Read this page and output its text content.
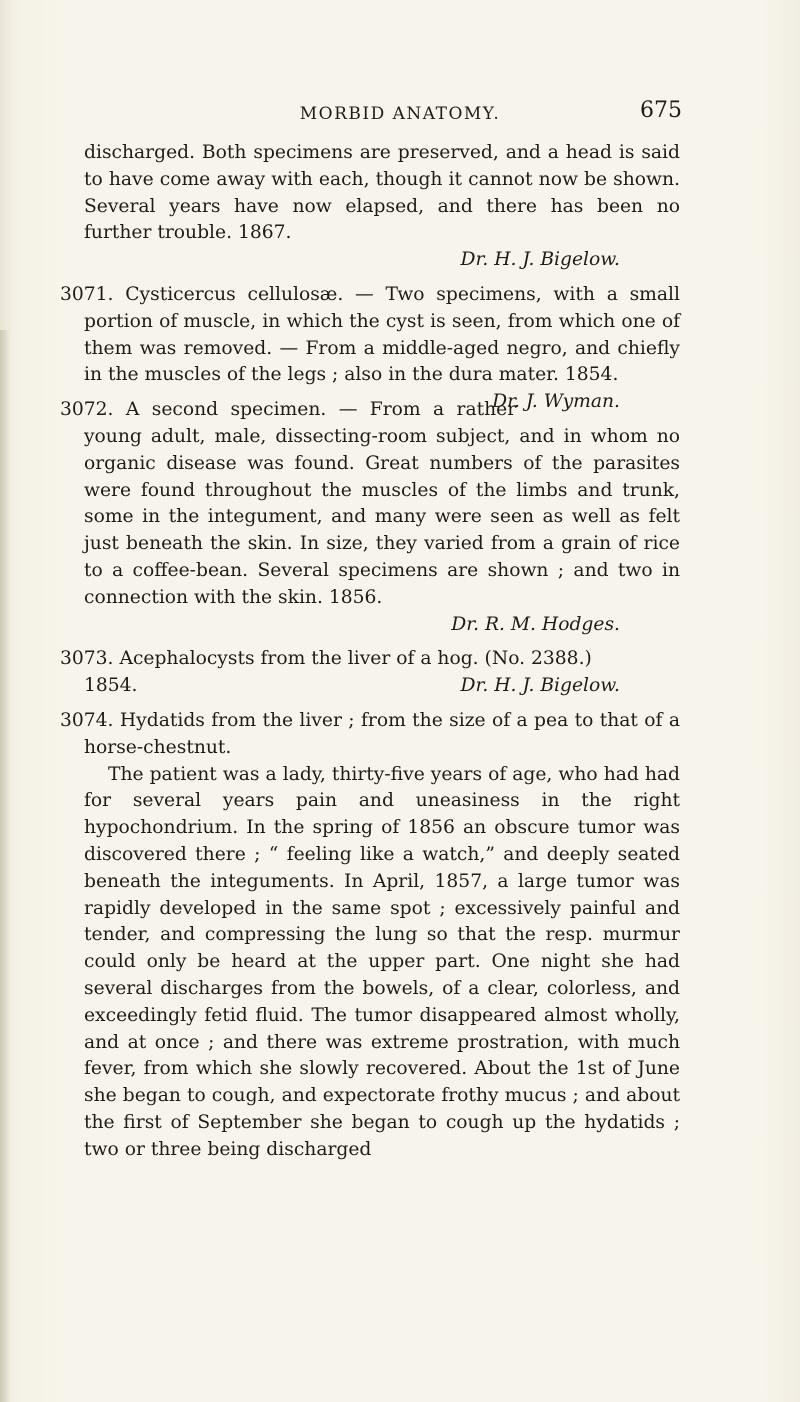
MORBID ANATOMY.	675

discharged. Both specimens are preserved, and a head is said to have come away with each, though it cannot now be shown. Several years have now elapsed, and there has been no further trouble. 1867.

Dr. H. J. Bigelow.

3071. Cysticercus cellulosæ. — Two specimens, with a small portion of muscle, in which the cyst is seen, from which one of them was removed. — From a middle-aged negro, and chiefly in the muscles of the legs ; also in the dura mater. 1854.
Dr. J. Wyman.

3072. A second specimen. — From a rather young adult, male, dissecting-room subject, and in whom no organic disease was found. Great numbers of the parasites were found throughout the muscles of the limbs and trunk, some in the integument, and many were seen as well as felt just beneath the skin. In size, they varied from a grain of rice to a coffee-bean. Several specimens are shown ; and two in connection with the skin. 1856.

Dr. R. M. Hodges.

3073. Acephalocysts from the liver of a hog. (No. 2388.)
1854.	Dr. H. J. Bigelow.

3074. Hydatids from the liver ; from the size of a pea to that of a horse-chestnut.

The patient was a lady, thirty-five years of age, who had had for several years pain and uneasiness in the right hypochondrium. In the spring of 1856 an obscure tumor was discovered there ; “ feeling like a watch,” and deeply seated beneath the integuments. In April, 1857, a large tumor was rapidly developed in the same spot ; excessively painful and tender, and compressing the lung so that the resp. murmur could only be heard at the upper part. One night she had several discharges from the bowels, of a clear, colorless, and exceedingly fetid fluid. The tumor disappeared almost wholly, and at once ; and there was extreme prostration, with much fever, from which she slowly recovered. About the 1st of June she began to cough, and expectorate frothy mucus ; and about the first of September she began to cough up the hydatids ; two or three being discharged
